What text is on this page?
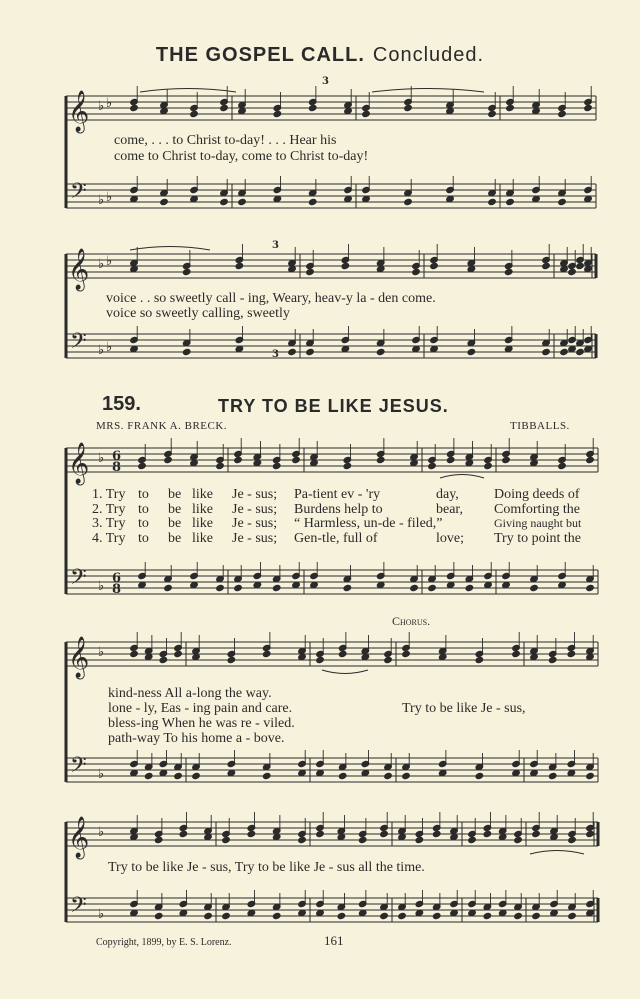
THE GOSPEL CALL. Concluded.
𝄞
𝄢
♭
♭
♭
♭
𝄞
𝄢
♭
♭
♭
♭
𝄞
𝄢
♭
♭
6
8
6
8
𝄞
𝄢
♭
♭
𝄞
𝄢
♭
♭
3
3
3
come, . . . to Christ to-day! . . . Hear his
come to Christ to-day, come to Christ to-day!
voice . . so sweetly call - ing, Weary, heav-y la - den come.
voice so sweetly calling, sweetly
159.	TRY TO BE LIKE JESUS.
MRS. FRANK A. BRECK.	TIBBALLS.
1. Try to be like Je - sus; Pa-tient ev - 'ry	day,	Doing deeds of
2. Try to be like Je - sus; Burdens help to	bear, Comforting the
3. Try to be like Je - sus; “ Harmless, un-de - filed,”	Giving naught but
4. Try to be like Je - sus; Gen-tle, full of	love; Try to point the
Chorus.
kind-ness All a-long the way.
lone - ly, Eas - ing pain and care.
bless-ing When he was re - viled.
path-way To his home a - bove.
Try to be like Je - sus,
Try to be like Je - sus, Try to be like Je - sus all the time.
Copyright, 1899, by E. S. Lorenz.	161
